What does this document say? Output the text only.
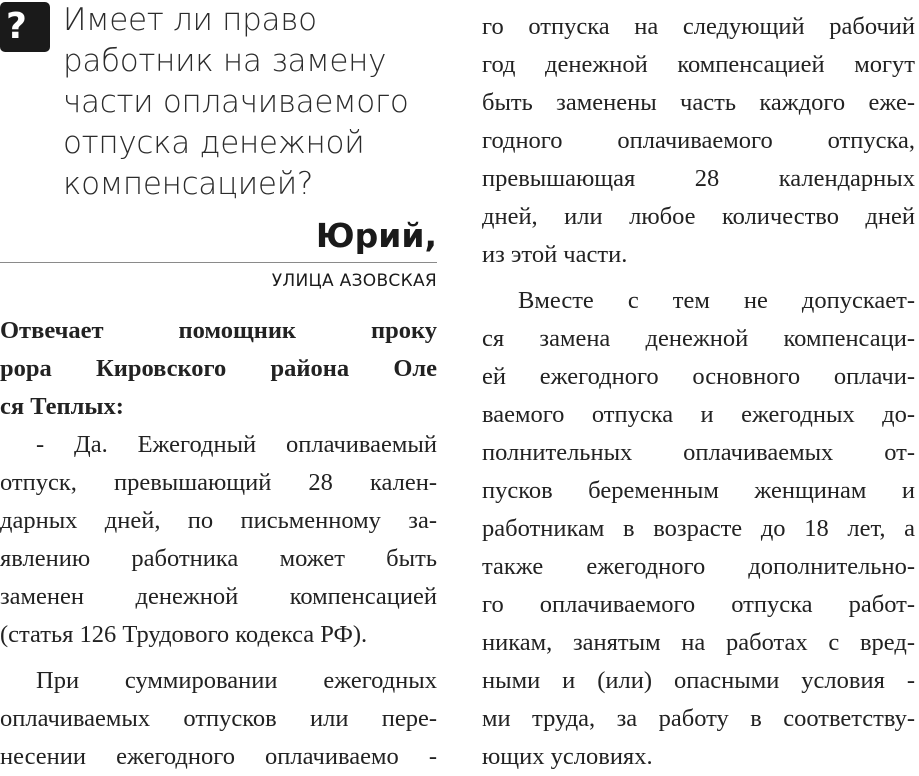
?	Имеет ли право
работник на замену
части оплачиваемого
отпуска денежной
компенсацией?
Юрий,
УЛИЦА АЗОВСКАЯ
Отвечает помощник проку
рора Кировского района Олe
ся Теплых:
- Да. Ежегодный оплачиваемый
отпуск, превышающий 28 кален-
дарных дней, по письменному за-
явлению работника может быть
заменен денежной компенсацией
(статья 126 Трудового кодекса РФ).
При суммировании ежегодных
оплачиваемых отпусков или пере-
несении ежегодного оплачиваемо -
го отпуска на следующий рабочий
год денежной компенсацией могут
быть заменены часть каждого еже-
годного оплачиваемого отпуска,
превышающая 28 календарных
дней, или любое количество дней
из этой части.
Вместе с тем не допускает-
ся замена денежной компенсаци-
ей ежегодного основного оплачи-
ваемого отпуска и ежегодных до-
полнительных оплачиваемых от-
пусков беременным женщинам и
работникам в возрасте до 18 лет, а
также ежегодного дополнительно-
го оплачиваемого отпуска работ-
никам, занятым на работах с вред-
ными и (или) опасными условия -
ми труда, за работу в соответству-
ющих условиях.
